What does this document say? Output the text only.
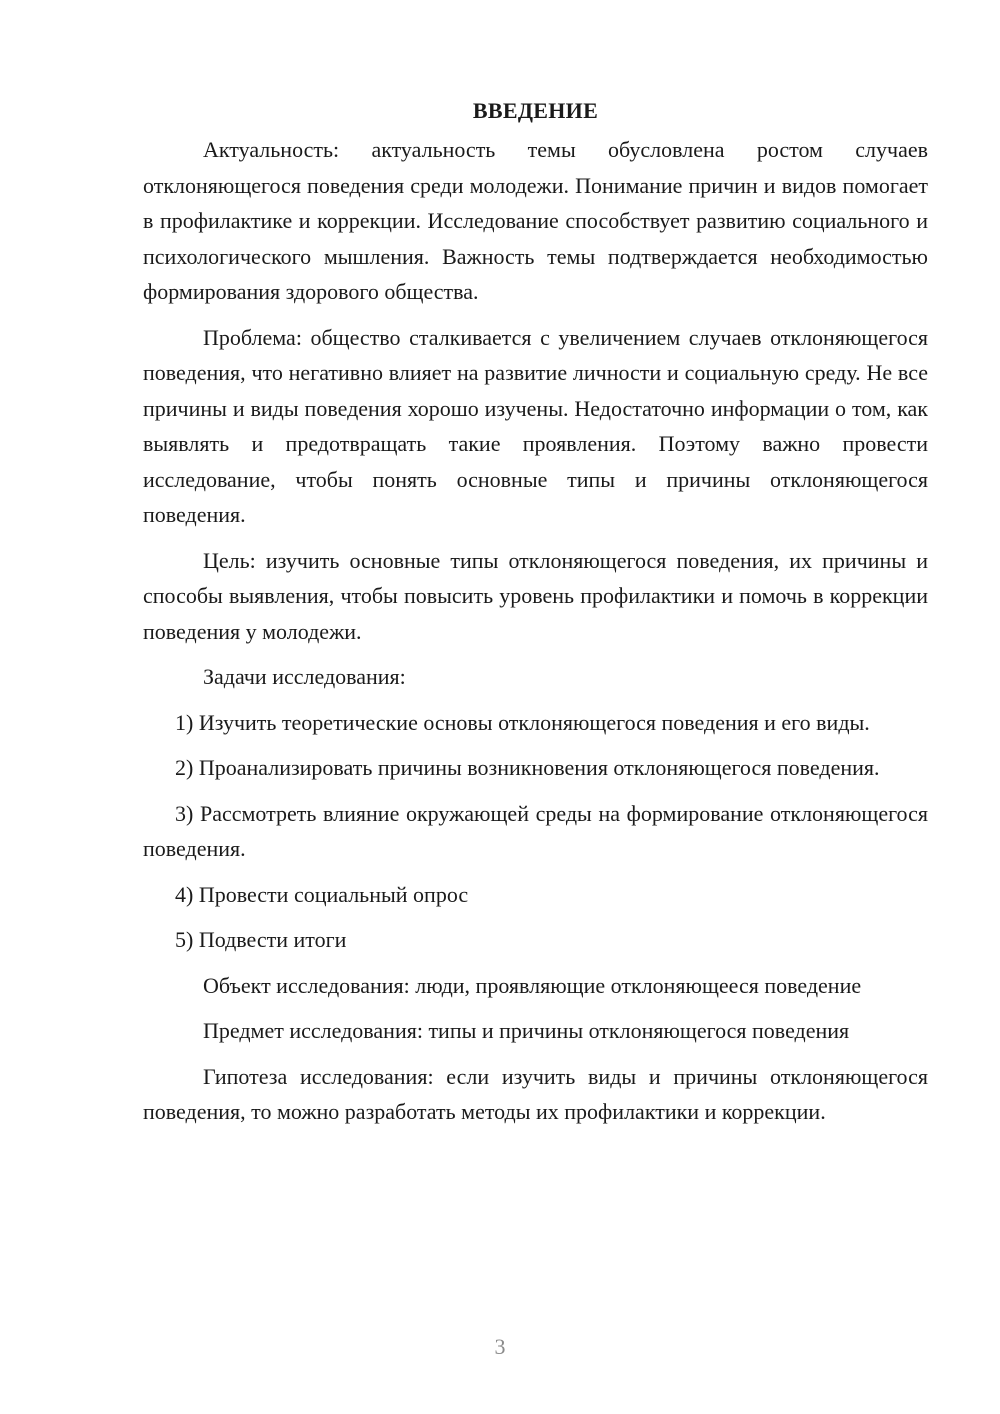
ВВЕДЕНИЕ

Актуальность: актуальность темы обусловлена ростом случаев отклоняющегося поведения среди молодежи. Понимание причин и видов помогает в профилактике и коррекции. Исследование способствует развитию социального и психологического мышления. Важность темы подтверждается необходимостью формирования здорового общества.

Проблема: общество сталкивается с увеличением случаев отклоняющегося поведения, что негативно влияет на развитие личности и социальную среду. Не все причины и виды поведения хорошо изучены. Недостаточно информации о том, как выявлять и предотвращать такие проявления. Поэтому важно провести исследование, чтобы понять основные типы и причины отклоняющегося поведения.

Цель: изучить основные типы отклоняющегося поведения, их причины и способы выявления, чтобы повысить уровень профилактики и помочь в коррекции поведения у молодежи.

Задачи исследования:

1) Изучить теоретические основы отклоняющегося поведения и его виды.

2) Проанализировать причины возникновения отклоняющегося поведения.

3) Рассмотреть влияние окружающей среды на формирование отклоняющегося поведения.

4) Провести социальный опрос

5) Подвести итоги

Объект исследования: люди, проявляющие отклоняющееся поведение

Предмет исследования: типы и причины отклоняющегося поведения

Гипотеза исследования: если изучить виды и причины отклоняющегося поведения, то можно разработать методы их профилактики и коррекции.

3
